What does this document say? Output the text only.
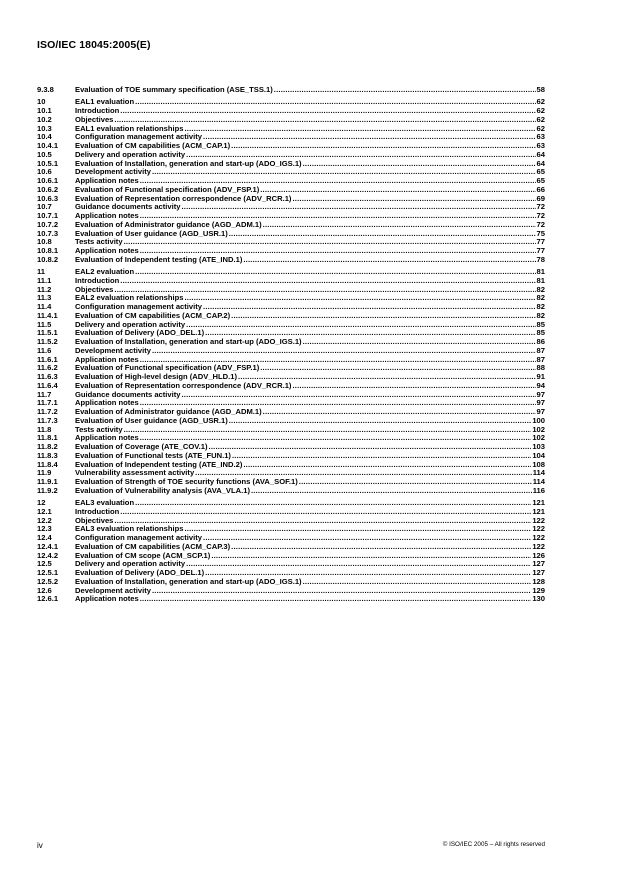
ISO/IEC 18045:2005(E)
9.3.8	Evaluation of TOE summary specification (ASE_TSS.1) .....	58
10	EAL1 evaluation .....	62
10.1	Introduction .....	62
10.2	Objectives .....	62
10.3	EAL1 evaluation relationships .....	62
10.4	Configuration management activity .....	63
10.4.1	Evaluation of CM capabilities (ACM_CAP.1) .....	63
10.5	Delivery and operation activity .....	64
10.5.1	Evaluation of Installation, generation and start-up (ADO_IGS.1) .....	64
10.6	Development activity .....	65
10.6.1	Application notes .....	65
10.6.2	Evaluation of Functional specification (ADV_FSP.1) .....	66
10.6.3	Evaluation of Representation correspondence (ADV_RCR.1) .....	69
10.7	Guidance documents activity .....	72
10.7.1	Application notes .....	72
10.7.2	Evaluation of Administrator guidance (AGD_ADM.1) .....	72
10.7.3	Evaluation of User guidance (AGD_USR.1) .....	75
10.8	Tests activity .....	77
10.8.1	Application notes .....	77
10.8.2	Evaluation of Independent testing (ATE_IND.1) .....	78
11	EAL2 evaluation .....	81
11.1	Introduction .....	81
11.2	Objectives .....	82
11.3	EAL2 evaluation relationships .....	82
11.4	Configuration management activity .....	82
11.4.1	Evaluation of CM capabilities (ACM_CAP.2) .....	82
11.5	Delivery and operation activity .....	85
11.5.1	Evaluation of Delivery (ADO_DEL.1) .....	85
11.5.2	Evaluation of Installation, generation and start-up (ADO_IGS.1) .....	86
11.6	Development activity .....	87
11.6.1	Application notes .....	87
11.6.2	Evaluation of Functional specification (ADV_FSP.1) .....	88
11.6.3	Evaluation of High-level design (ADV_HLD.1) .....	91
11.6.4	Evaluation of Representation correspondence (ADV_RCR.1) .....	94
11.7	Guidance documents activity .....	97
11.7.1	Application notes .....	97
11.7.2	Evaluation of Administrator guidance (AGD_ADM.1) .....	97
11.7.3	Evaluation of User guidance (AGD_USR.1) .....	100
11.8	Tests activity .....	102
11.8.1	Application notes .....	102
11.8.2	Evaluation of Coverage (ATE_COV.1) .....	103
11.8.3	Evaluation of Functional tests (ATE_FUN.1) .....	104
11.8.4	Evaluation of Independent testing (ATE_IND.2) .....	108
11.9	Vulnerability assessment activity .....	114
11.9.1	Evaluation of Strength of TOE security functions (AVA_SOF.1) .....	114
11.9.2	Evaluation of Vulnerability analysis (AVA_VLA.1) .....	116
12	EAL3 evaluation .....	121
12.1	Introduction .....	121
12.2	Objectives .....	122
12.3	EAL3 evaluation relationships .....	122
12.4	Configuration management activity .....	122
12.4.1	Evaluation of CM capabilities (ACM_CAP.3) .....	122
12.4.2	Evaluation of CM scope (ACM_SCP.1) .....	126
12.5	Delivery and operation activity .....	127
12.5.1	Evaluation of Delivery (ADO_DEL.1) .....	127
12.5.2	Evaluation of Installation, generation and start-up (ADO_IGS.1) .....	128
12.6	Development activity .....	129
12.6.1	Application notes .....	130
iv	© ISO/IEC 2005 – All rights reserved
